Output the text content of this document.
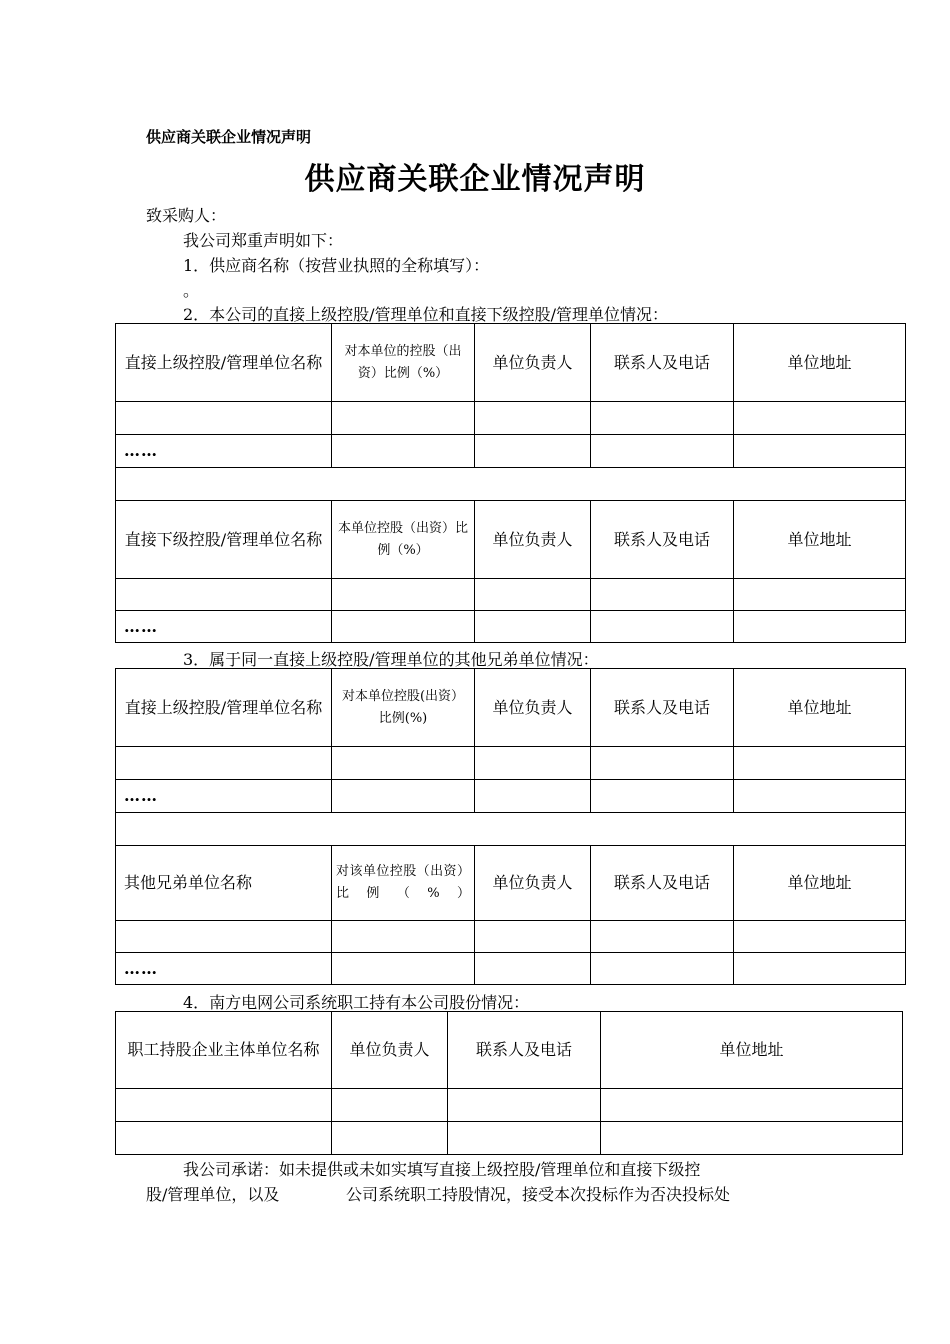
供应商关联企业情况声明
供应商关联企业情况声明
致采购人：
我公司郑重声明如下：
1．供应商名称（按营业执照的全称填写）：
。
2．本公司的直接上级控股/管理单位和直接下级控股/管理单位情况：
直接上级控股/管理单位名称	对本单位的控股（出资）比例（%）	单位负责人	联系人及电话	单位地址

……				

直接下级控股/管理单位名称	本单位控股（出资）比例（%）	单位负责人	联系人及电话	单位地址

……				
3．属于同一直接上级控股/管理单位的其他兄弟单位情况：
直接上级控股/管理单位名称	对本单位控股(出资）比例(%)	单位负责人	联系人及电话	单位地址

……				

其他兄弟单位名称	对该单位控股（出资）比例（%）	单位负责人	联系人及电话	单位地址

……				
4．南方电网公司系统职工持有本公司股份情况：
职工持股企业主体单位名称	单位负责人	联系人及电话	单位地址

我公司承诺：如未提供或未如实填写直接上级控股/管理单位和直接下级控
股/管理单位，以及	公司系统职工持股情况，接受本次投标作为否决投标处
